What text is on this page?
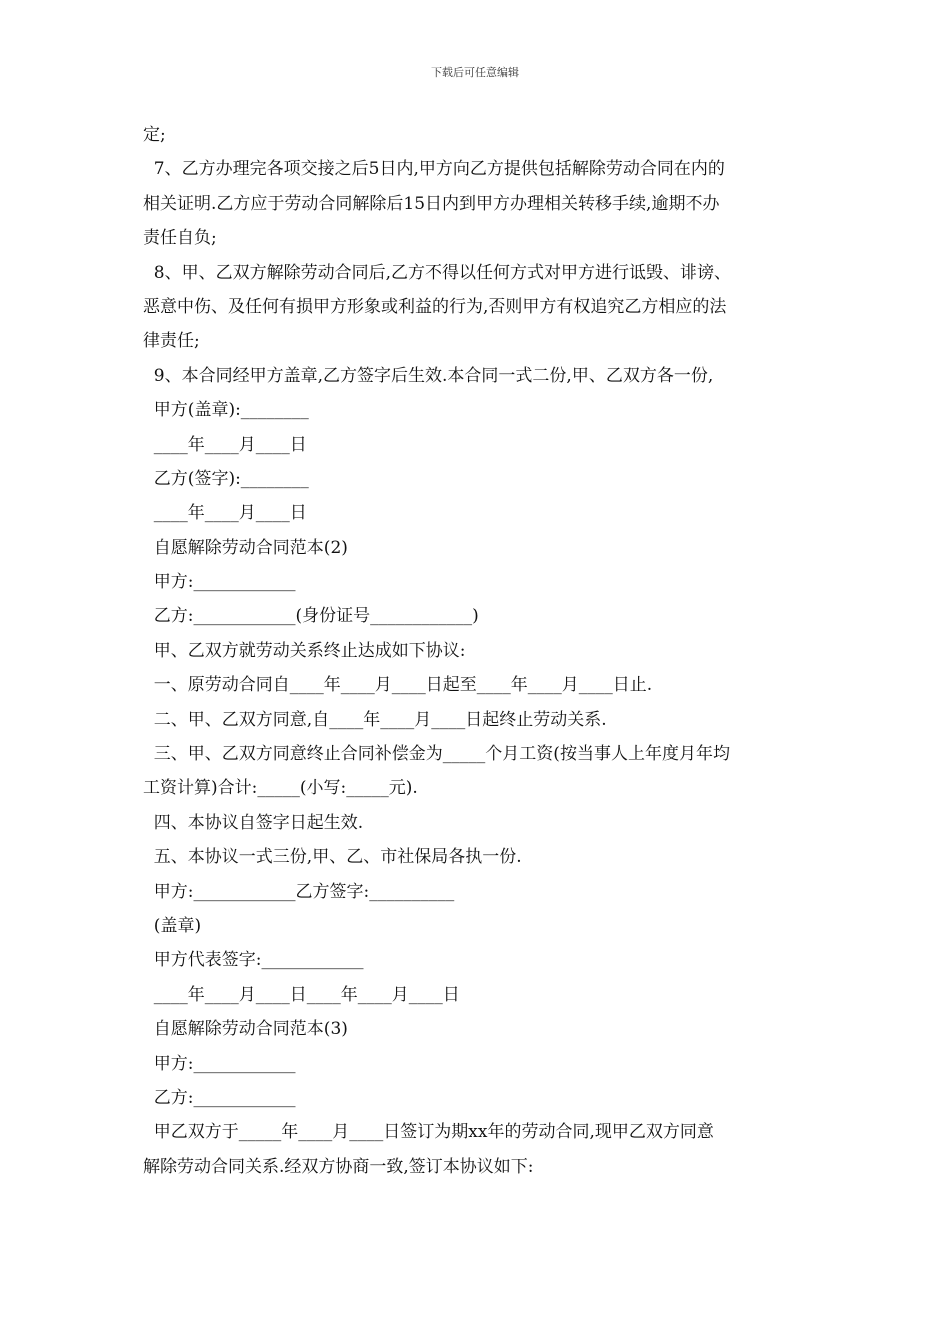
下载后可任意编辑
定;
7、乙方办理完各项交接之后5日内,甲方向乙方提供包括解除劳动合同在内的
相关证明.乙方应于劳动合同解除后15日内到甲方办理相关转移手续,逾期不办
责任自负;
8、甲、乙双方解除劳动合同后,乙方不得以任何方式对甲方进行诋毁、诽谤、
恶意中伤、及任何有损甲方形象或利益的行为,否则甲方有权追究乙方相应的法
律责任;
9、本合同经甲方盖章,乙方签字后生效.本合同一式二份,甲、乙双方各一份,
甲方(盖章):________
____年____月____日
乙方(签字):________
____年____月____日
自愿解除劳动合同范本(2)
甲方:____________
乙方:____________(身份证号____________)
甲、乙双方就劳动关系终止达成如下协议:
一、原劳动合同自____年____月____日起至____年____月____日止.
二、甲、乙双方同意,自____年____月____日起终止劳动关系.
三、甲、乙双方同意终止合同补偿金为_____个月工资(按当事人上年度月年均
工资计算)合计:_____(小写:_____元).
四、本协议自签字日起生效.
五、本协议一式三份,甲、乙、市社保局各执一份.
甲方:____________乙方签字:__________
(盖章)
甲方代表签字:____________
____年____月____日____年____月____日
自愿解除劳动合同范本(3)
甲方:____________
乙方:____________
甲乙双方于_____年____月____日签订为期xx年的劳动合同,现甲乙双方同意
解除劳动合同关系.经双方协商一致,签订本协议如下:
